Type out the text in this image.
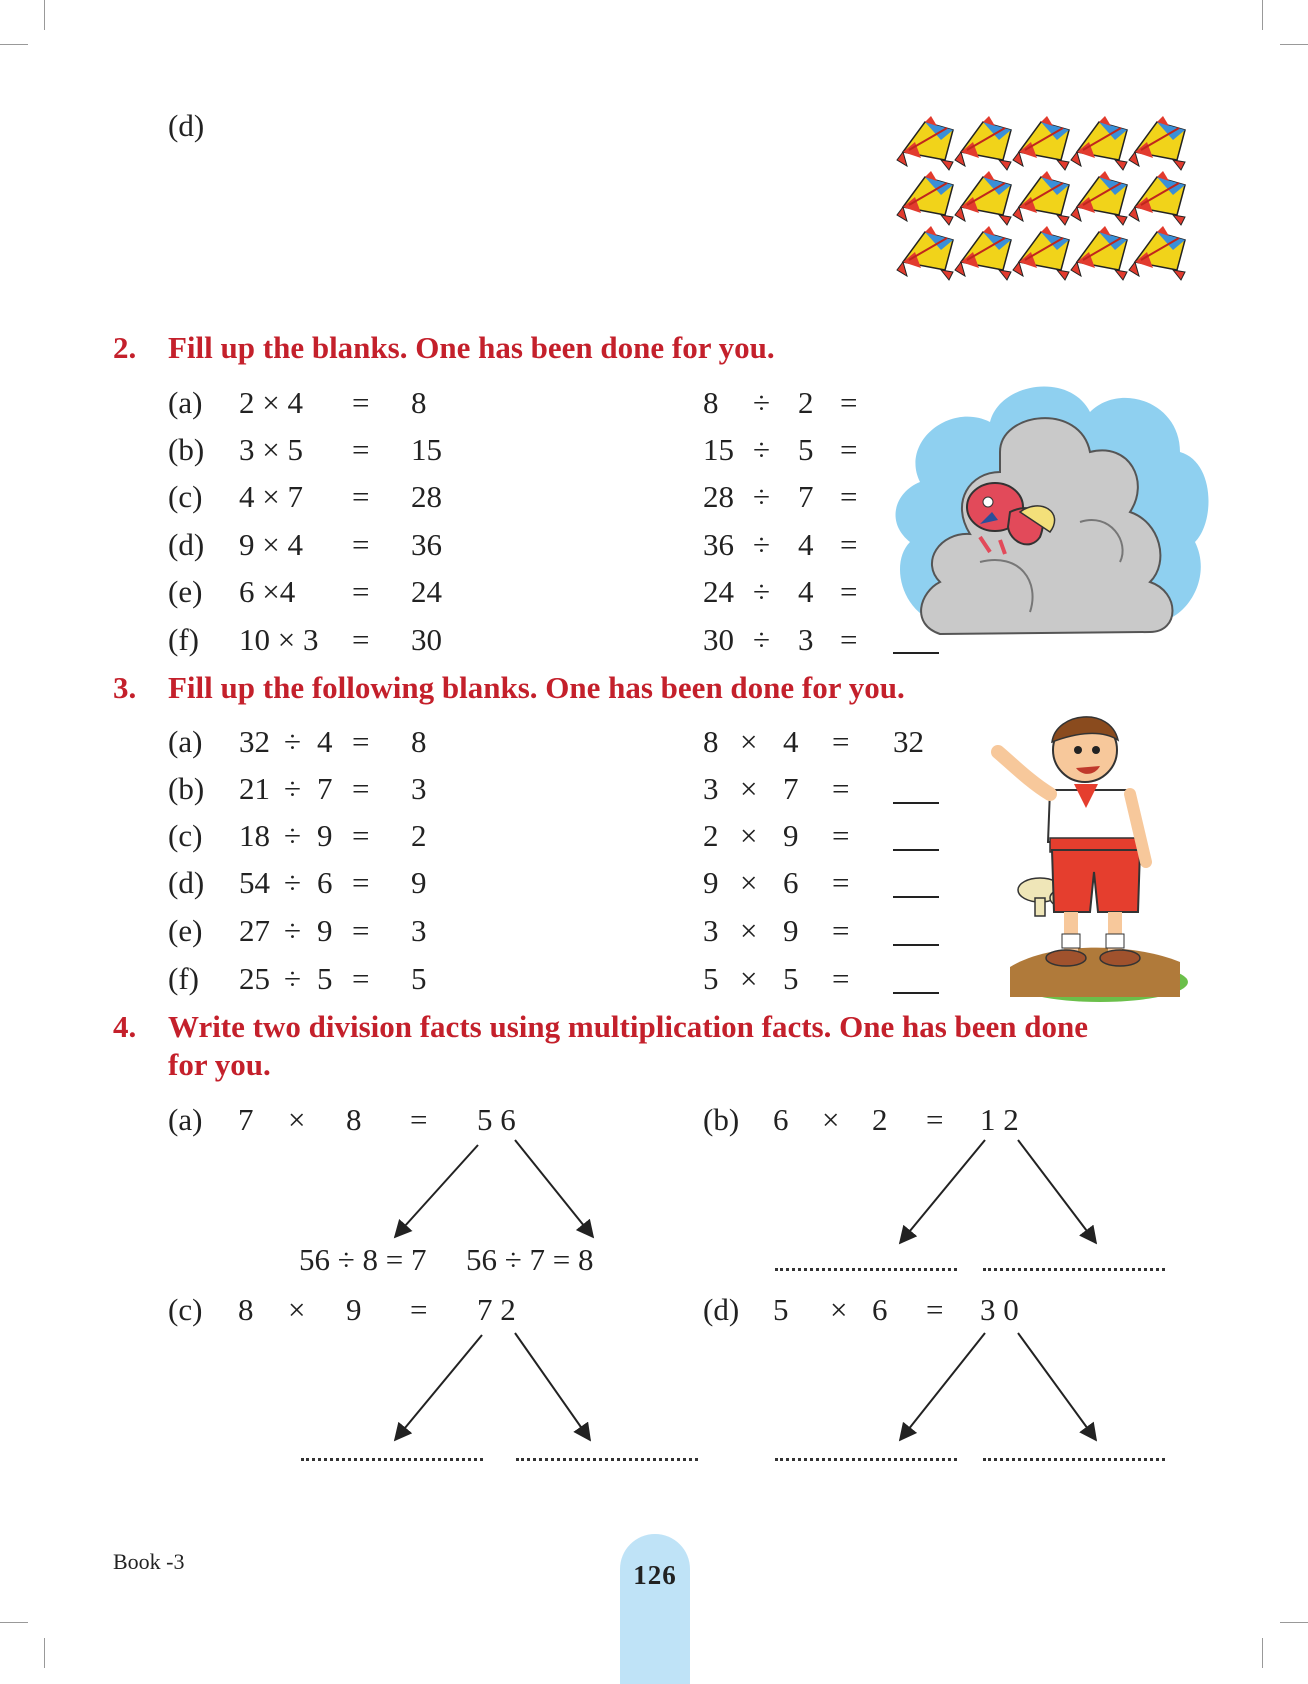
(d)
2. Fill up the blanks. One has been done for you.
(a) 2 × 4 = 8	8 ÷ 2 =
(b) 3 × 5 = 15	15 ÷ 5 =
(c) 4 × 7 = 28	28 ÷ 7 =
(d) 9 × 4 = 36	36 ÷ 4 =
(e) 6 ×4 = 24	24 ÷ 4 =
(f) 10 × 3 = 30	30 ÷ 3 =
3. Fill up the following blanks. One has been done for you.
(a) 32 ÷ 4 = 8	8 × 4 = 32
(b) 21 ÷ 7 = 3	3 × 7 =
(c) 18 ÷ 9 = 2	2 × 9 =
(d) 54 ÷ 6 = 9	9 × 6 =
(e) 27 ÷ 9 = 3	3 × 9 =
(f) 25 ÷ 5 = 5	5 × 5 =
4. Write two division facts using multiplication facts. One has been done
for you.
(a) 7 × 8 = 5 6
56 ÷ 8 = 7 56 ÷ 7 = 8
(b) 6 × 2 = 1 2
(c) 8 × 9 = 7 2	(d) 5 × 6 = 3 0
Book -3	126
